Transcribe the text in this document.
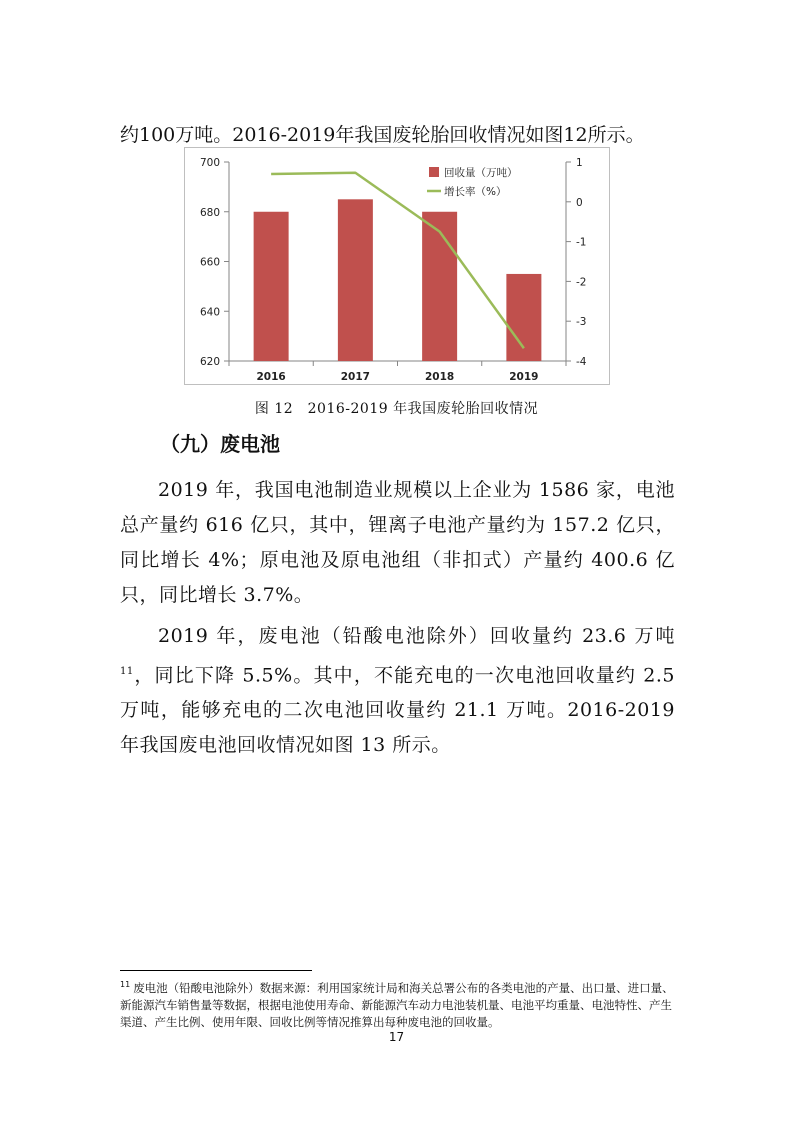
约100万吨。2016-2019年我国废轮胎回收情况如图12所示。

620
640
660
680
700
-4
-3
-2
-1
0
1
2016	2017	2018	2019
回收量（万吨）
增长率（%）
图 12　2016-2019 年我国废轮胎回收情况
（九）废电池

2019 年，我国电池制造业规模以上企业为 1586 家，电池总产量约 616 亿只，其中，锂离子电池产量约为 157.2 亿只，同比增长 4%；原电池及原电池组（非扣式）产量约 400.6 亿只，同比增长 3.7%。

2019 年，废电池（铅酸电池除外）回收量约 23.6 万吨$^{11}$，同比下降 5.5%。其中，不能充电的一次电池回收量约 2.5 万吨，能够充电的二次电池回收量约 21.1 万吨。2016-2019 年我国废电池回收情况如图 13 所示。

$^{11}$ 废电池（铅酸电池除外）数据来源：利用国家统计局和海关总署公布的各类电池的产量、出口量、进口量、新能源汽车销售量等数据，根据电池使用寿命、新能源汽车动力电池装机量、电池平均重量、电池特性、产生渠道、产生比例、使用年限、回收比例等情况推算出每种废电池的回收量。

17
